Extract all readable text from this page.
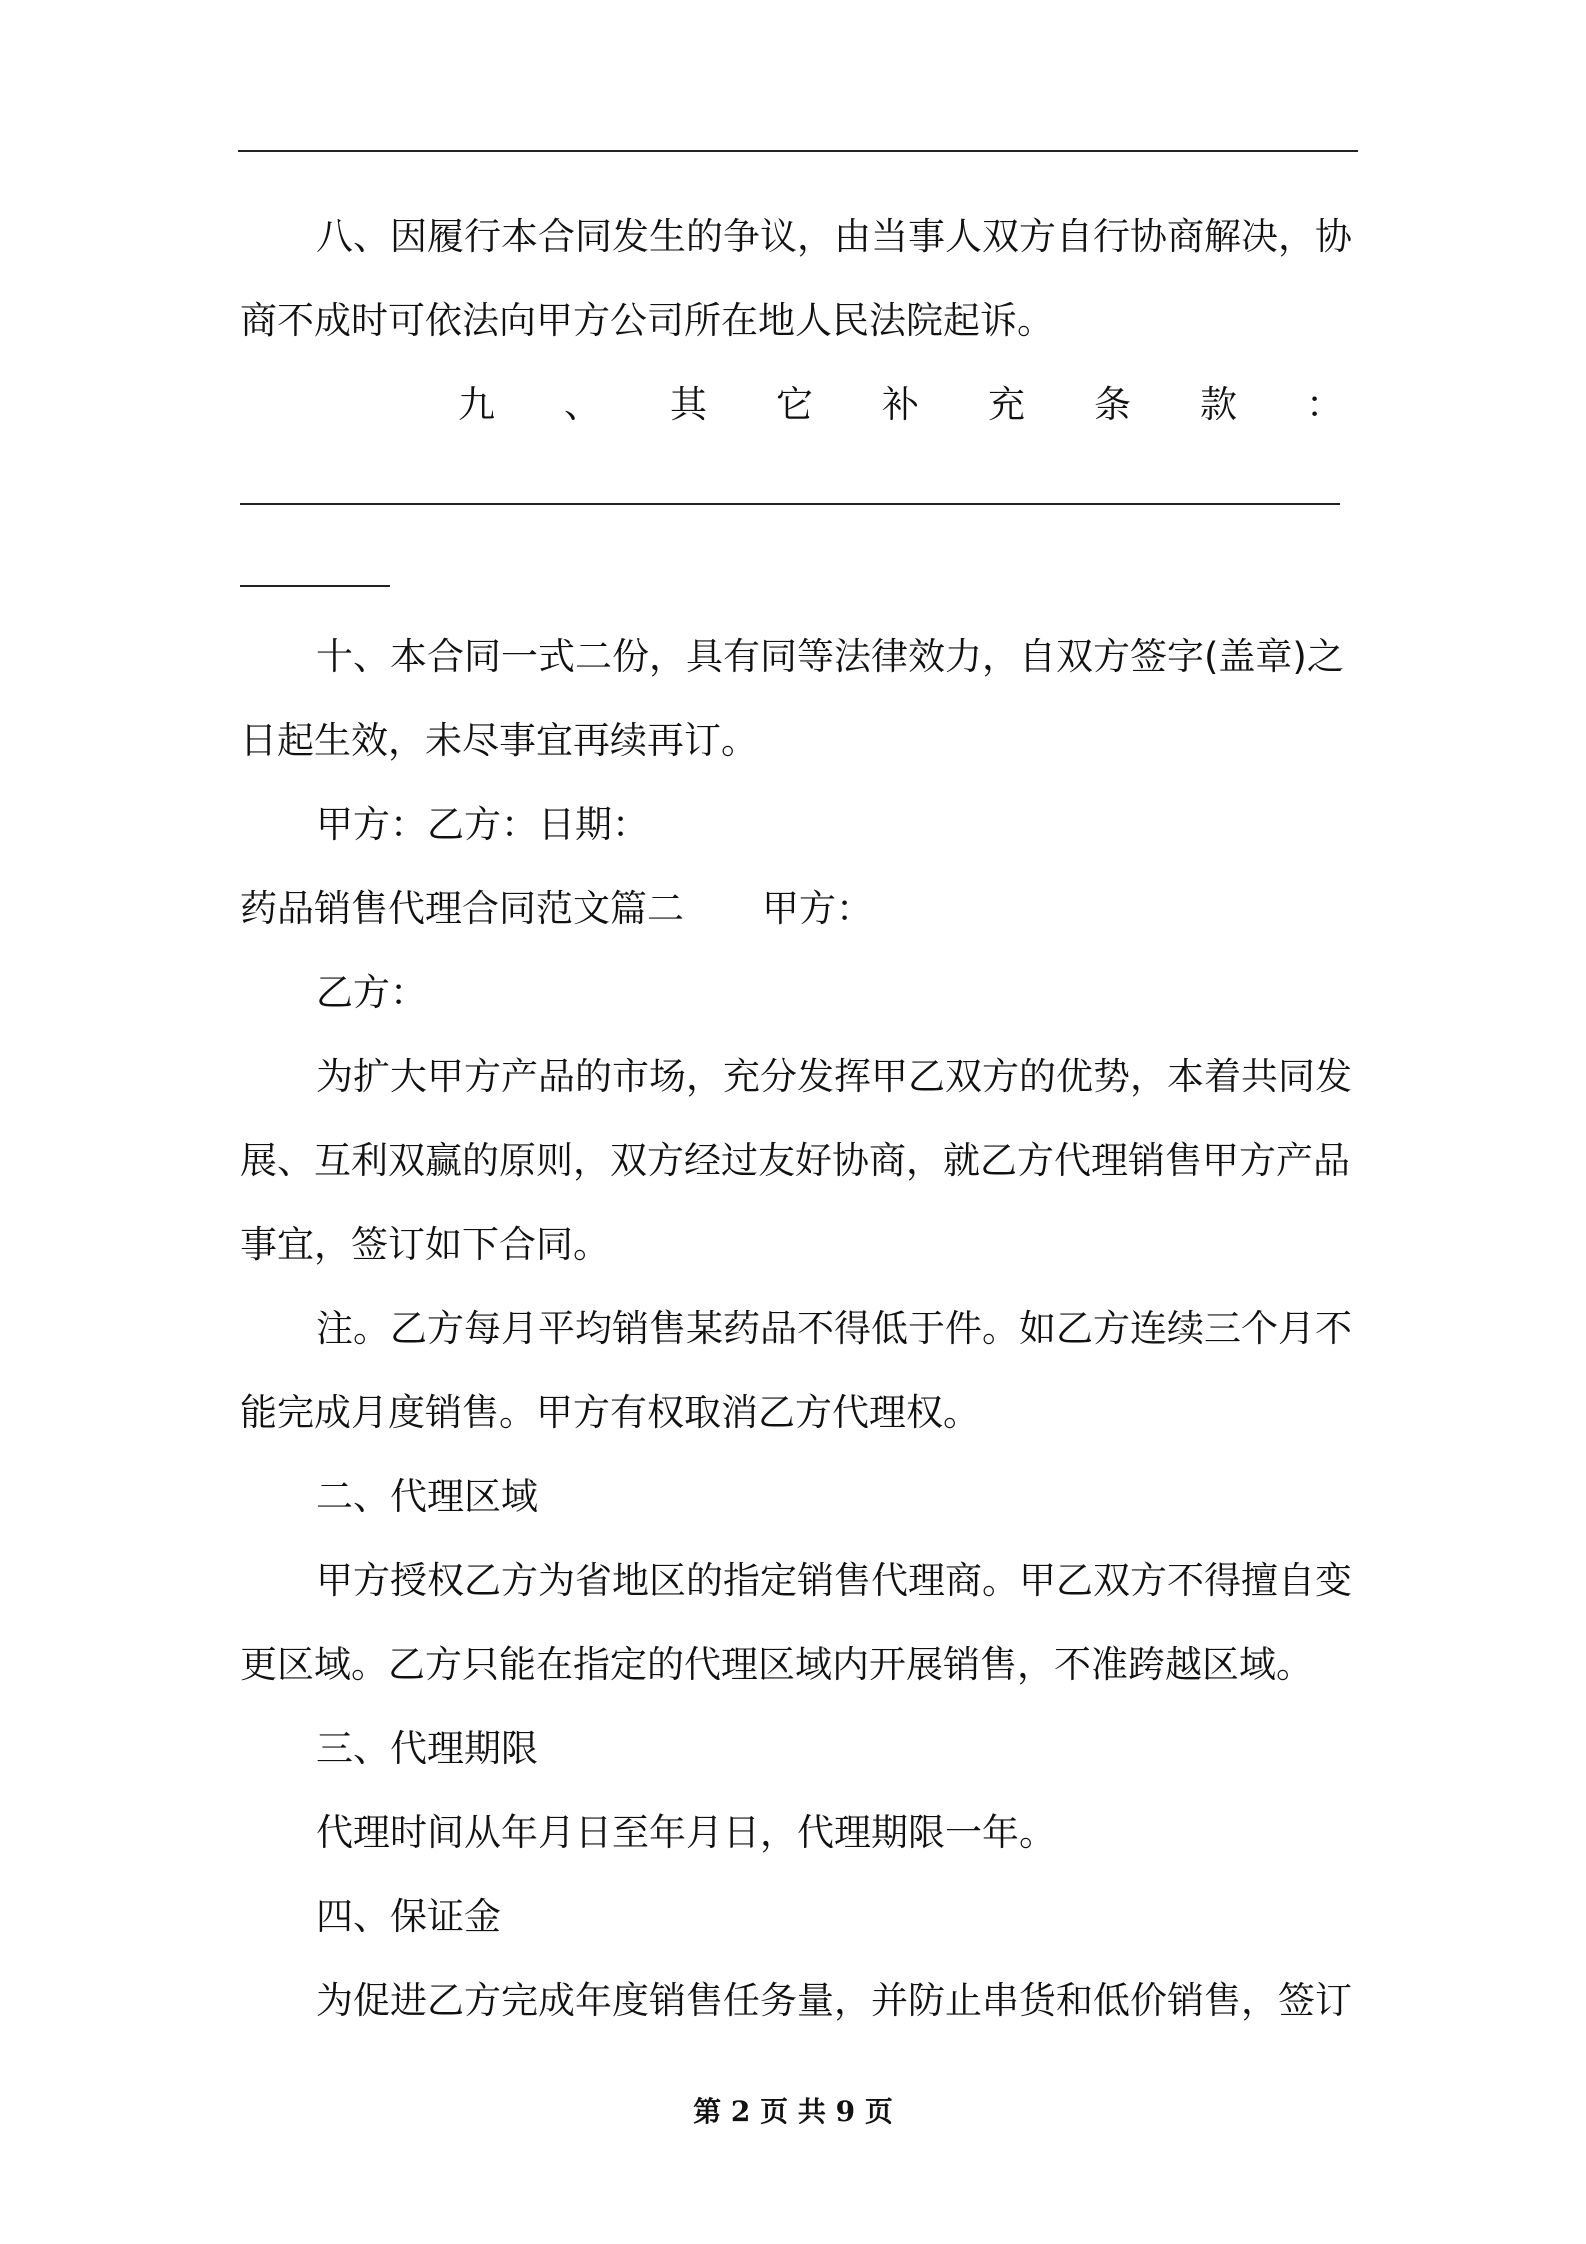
八、因履行本合同发生的争议，由当事人双方自行协商解决，协
商不成时可依法向甲方公司所在地人民法院起诉。
九 、 其 它 补 充 条 款 ：
十、本合同一式二份，具有同等法律效力，自双方签字(盖章)之
日起生效，未尽事宜再续再订。
甲方：乙方：日期：
药品销售代理合同范文篇二 甲方：
乙方：
为扩大甲方产品的市场，充分发挥甲乙双方的优势，本着共同发
展、互利双赢的原则，双方经过友好协商，就乙方代理销售甲方产品
事宜，签订如下合同。
注。乙方每月平均销售某药品不得低于件。如乙方连续三个月不
能完成月度销售。甲方有权取消乙方代理权。
二、代理区域
甲方授权乙方为省地区的指定销售代理商。甲乙双方不得擅自变
更区域。乙方只能在指定的代理区域内开展销售，不准跨越区域。
三、代理期限
代理时间从年月日至年月日，代理期限一年。
四、保证金
为促进乙方完成年度销售任务量，并防止串货和低价销售，签订
第 2 页 共 9 页
